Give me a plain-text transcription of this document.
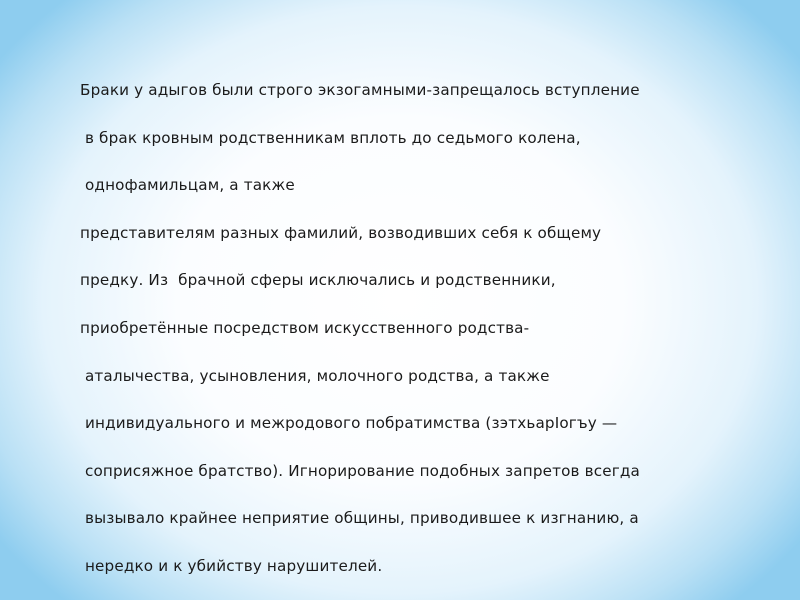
Браки у адыгов были строго экзогамными-запрещалось вступление
в брак кровным родственникам вплоть до седьмого колена,
однофамильцам, а также
представителям разных фамилий, возводивших себя к общему
предку. Из  брачной сферы исключались и родственники,
приобретённые посредством искусственного родства-
аталычества, усыновления, молочного родства, а также
индивидуального и межродового побратимства (зэтхьаpIогъу —
соприсяжное братство). Игнорирование подобных запретов всегда
вызывало крайнее неприятие общины, приводившее к изгнанию, а
нередко и к убийству нарушителей.
